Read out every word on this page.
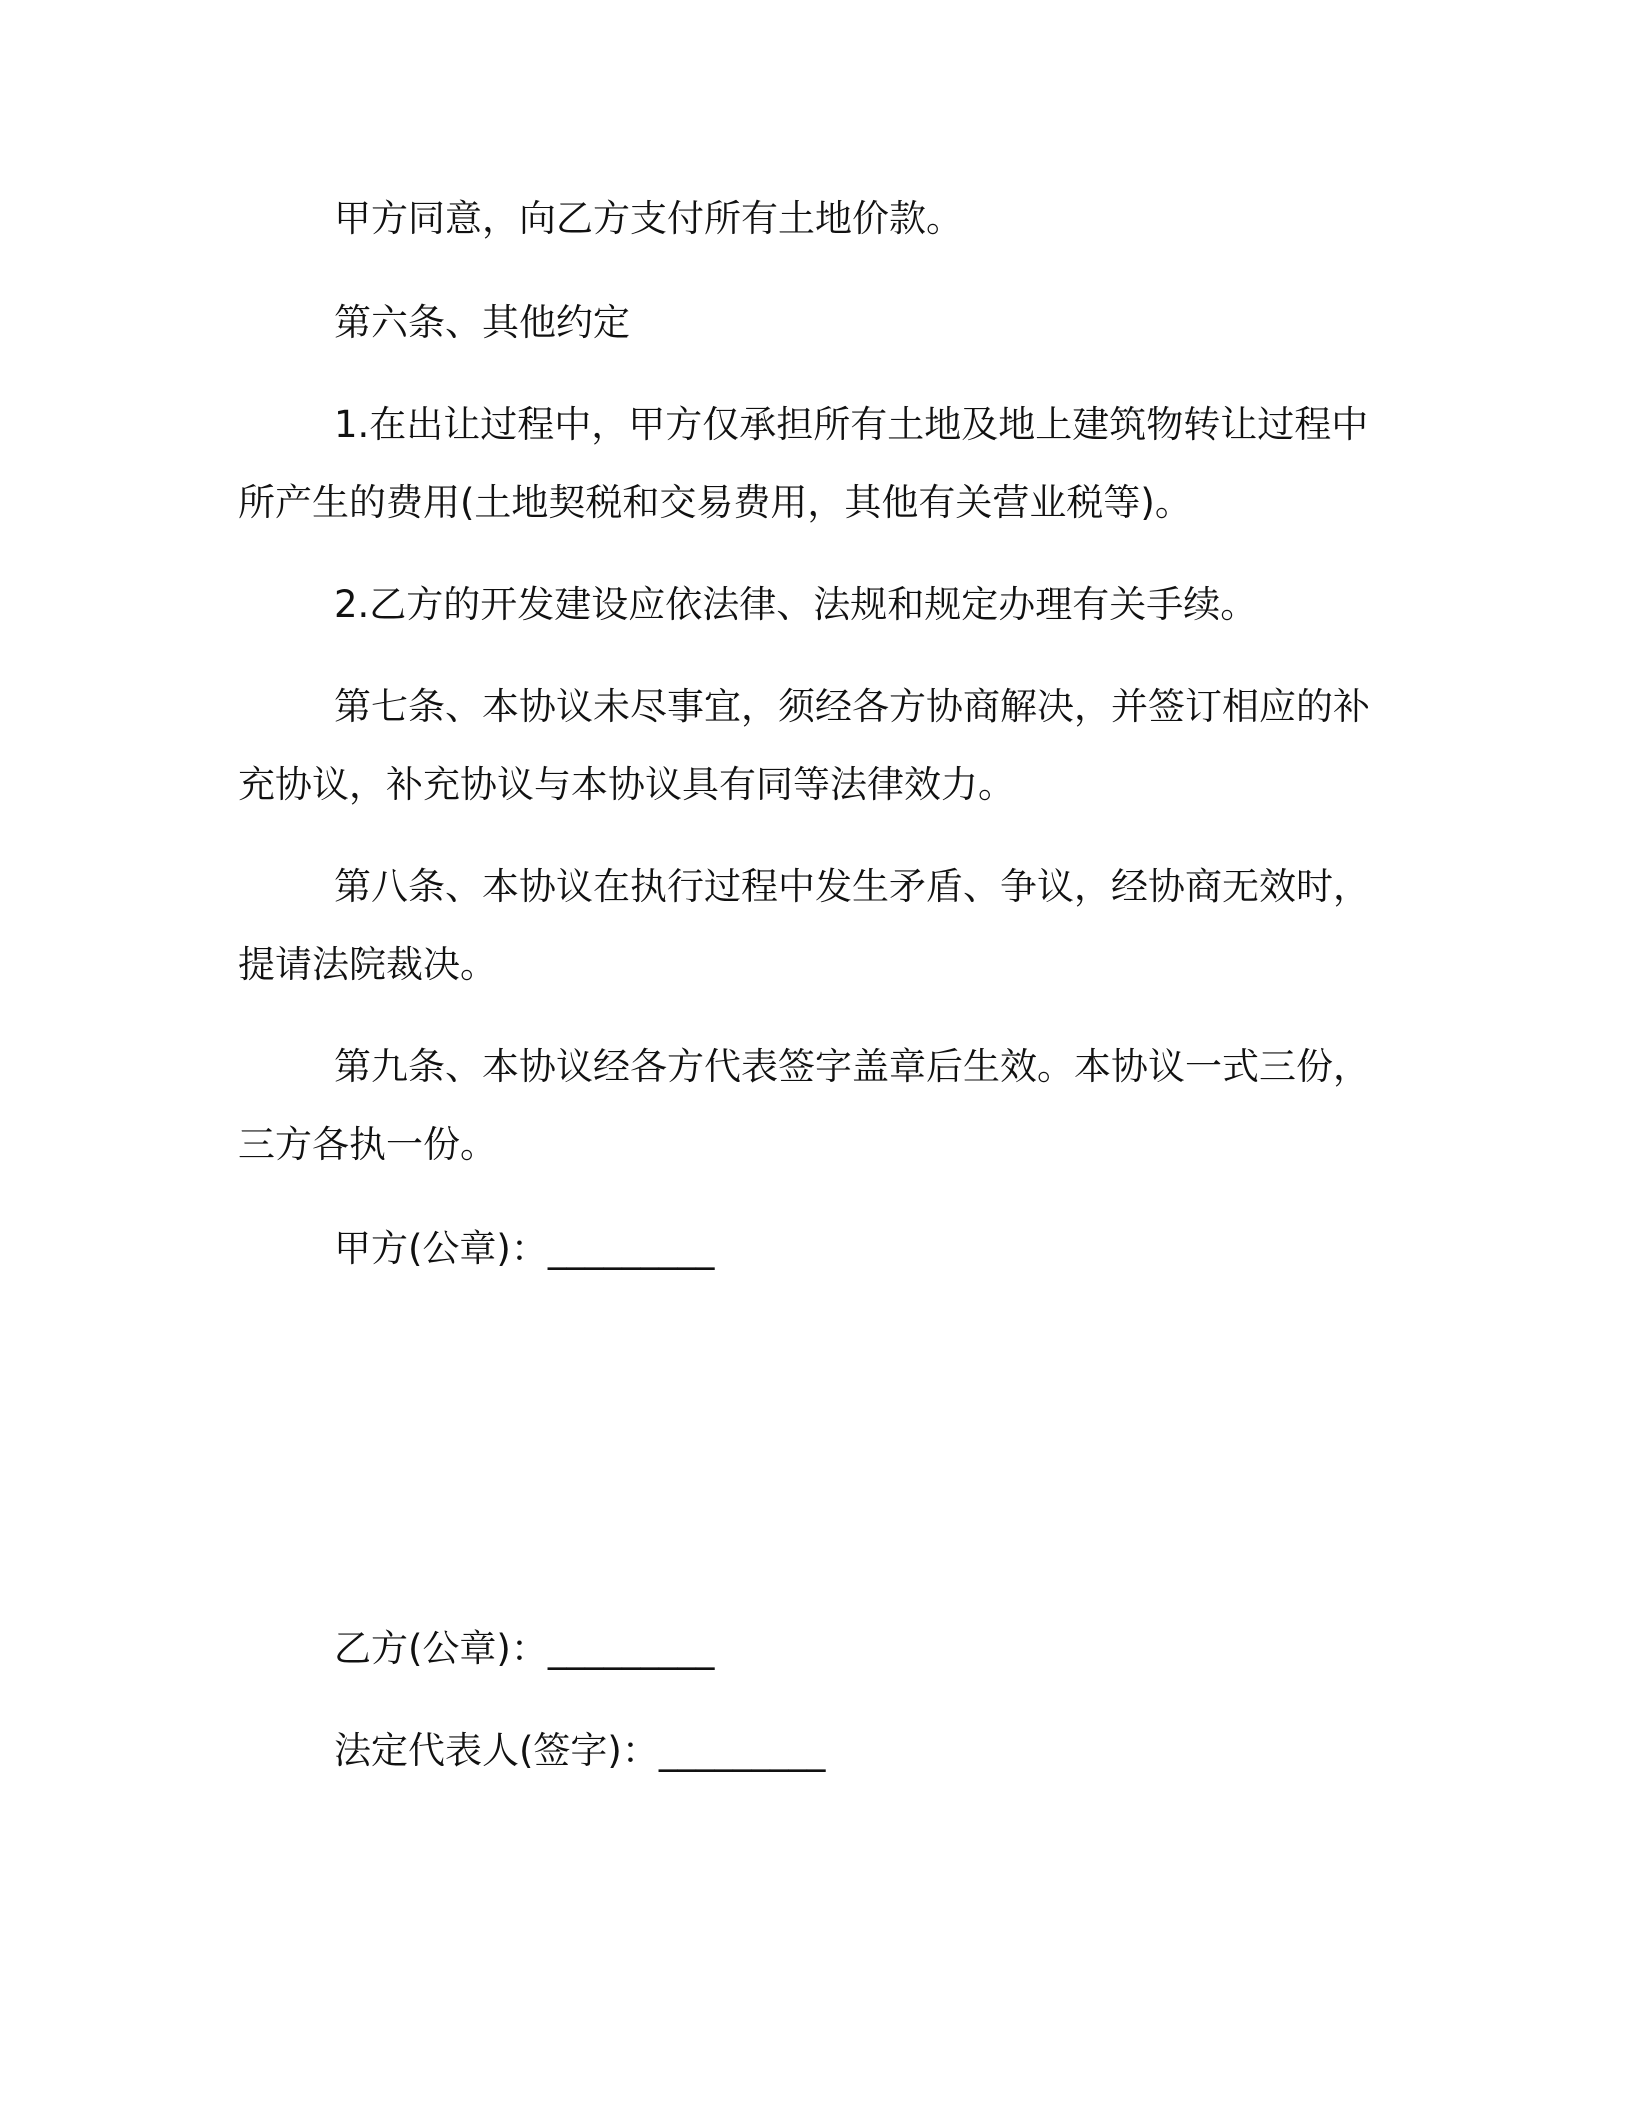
甲方同意，向乙方支付所有土地价款。
第六条、其他约定
1.在出让过程中，甲方仅承担所有土地及地上建筑物转让过程中
所产生的费用(土地契税和交易费用，其他有关营业税等)。
2.乙方的开发建设应依法律、法规和规定办理有关手续。
第七条、本协议未尽事宜，须经各方协商解决，并签订相应的补
充协议，补充协议与本协议具有同等法律效力。
第八条、本协议在执行过程中发生矛盾、争议，经协商无效时，
提请法院裁决。
第九条、本协议经各方代表签字盖章后生效。本协议一式三份，
三方各执一份。
甲方(公章)：_________
乙方(公章)：_________
法定代表人(签字)：_________
